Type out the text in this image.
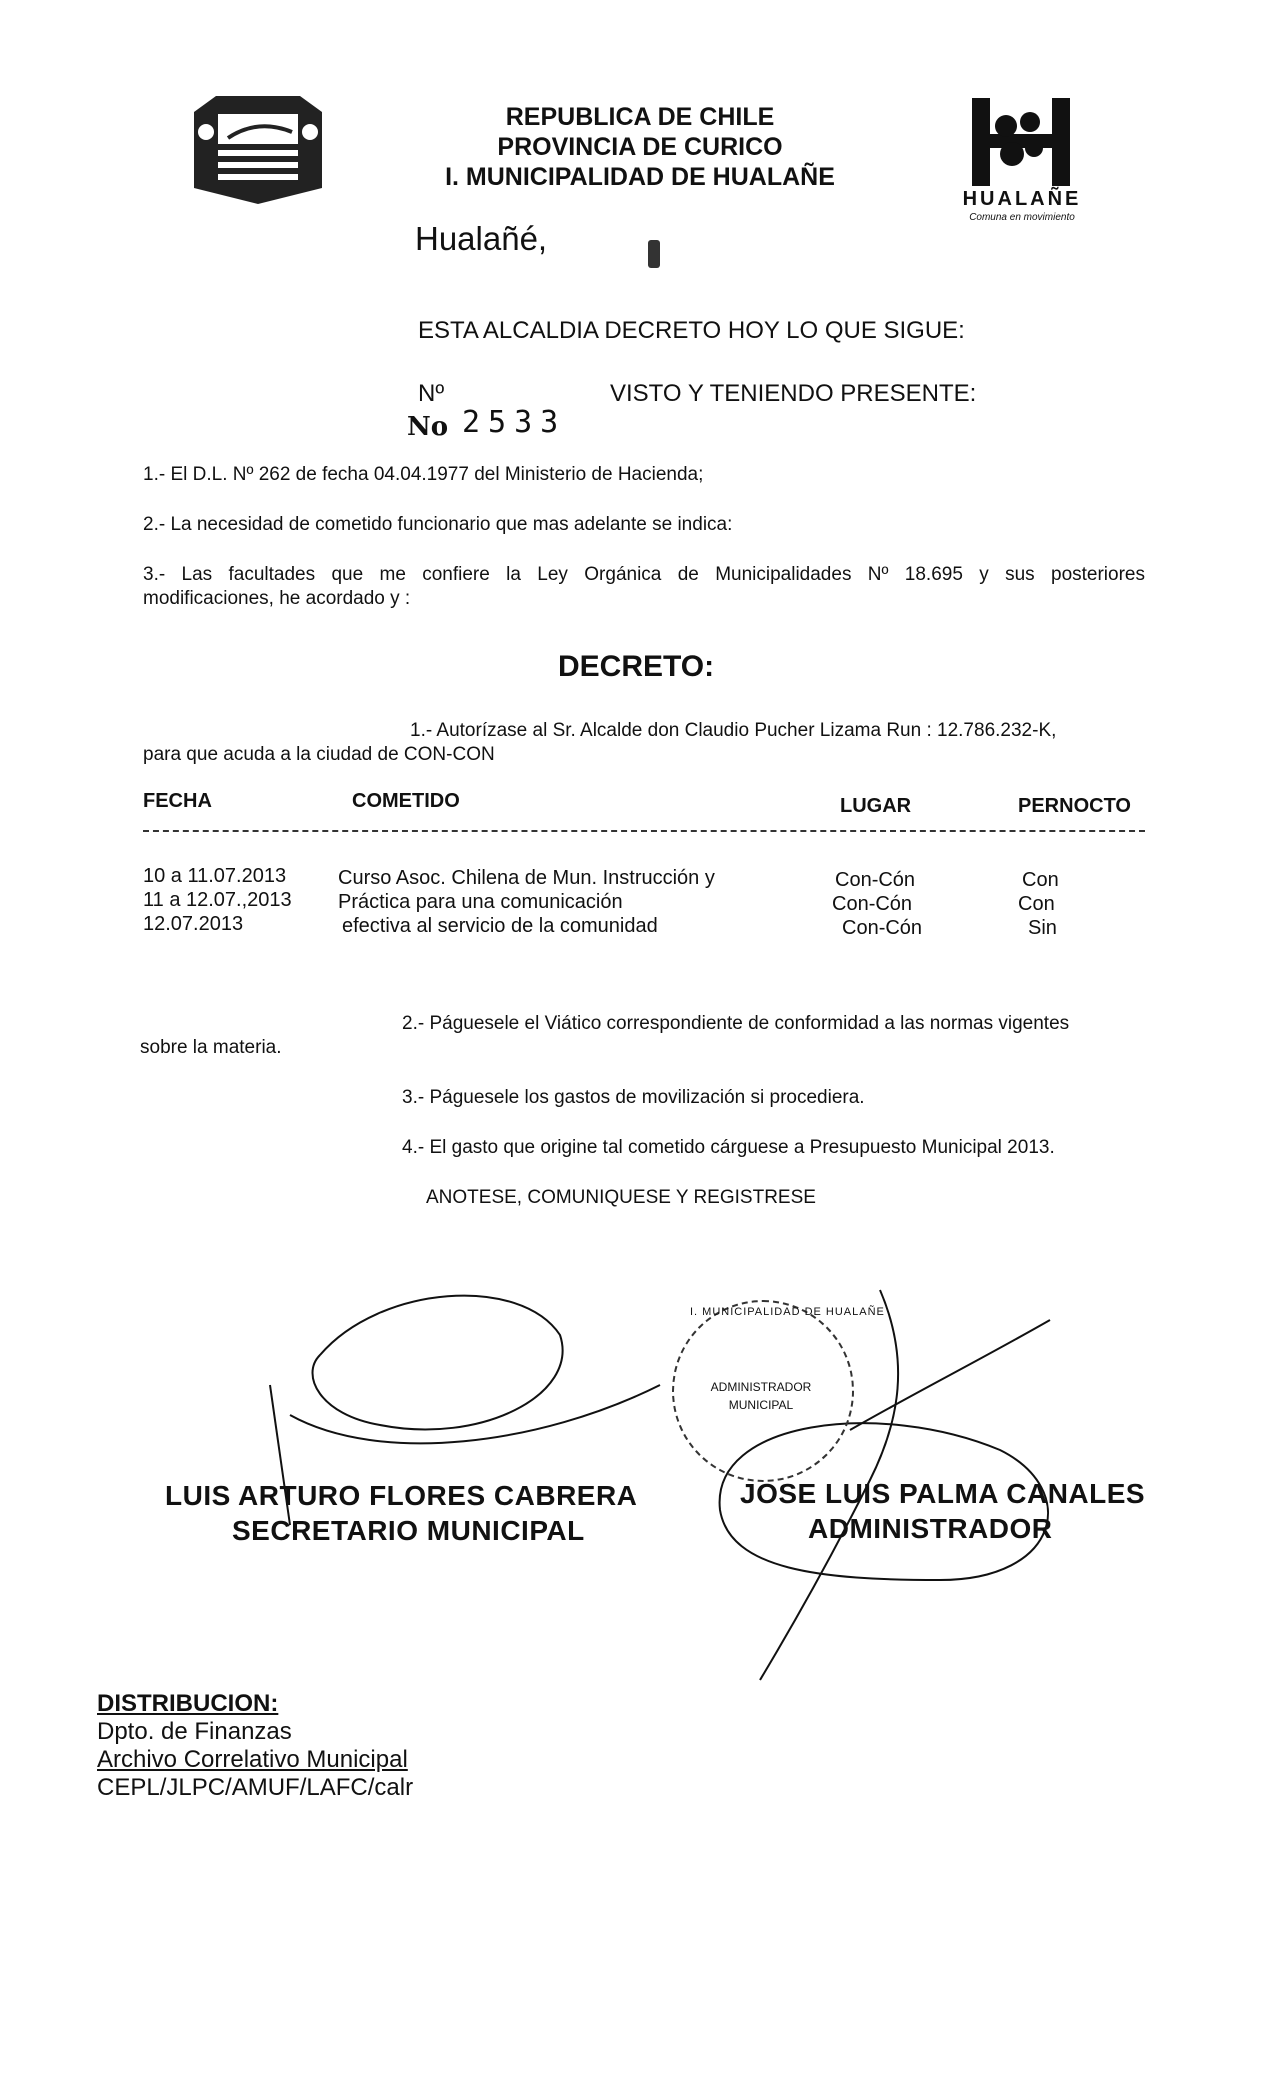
REPUBLICA DE CHILE
PROVINCIA DE CURICO
I. MUNICIPALIDAD DE HUALAÑE
HUALAÑE
Comuna en movimiento
Hualañé,
ESTA ALCALDIA DECRETO HOY LO QUE SIGUE:
Nº
No 2533
VISTO Y TENIENDO PRESENTE:
1.- El D.L. Nº 262 de fecha 04.04.1977 del Ministerio de Hacienda;
2.- La necesidad de cometido funcionario que mas adelante se indica:
3.- Las facultades que me confiere la Ley Orgánica de Municipalidades Nº 18.695 y sus posteriores
modificaciones, he acordado y :
DECRETO:
1.- Autorízase al Sr. Alcalde don Claudio Pucher Lizama Run : 12.786.232-K,
para que acuda a la ciudad de CON-CON
FECHA	COMETIDO	LUGAR	PERNOCTO
10 a 11.07.2013	Curso Asoc. Chilena de Mun. Instrucción y	Con-Cón	Con
11 a 12.07.,2013 Práctica para una comunicación	Con-Cón	Con
12.07.2013	efectiva al servicio de la comunidad	Con-Cón	Sin
2.- Páguesele el Viático correspondiente de conformidad a las normas vigentes
sobre la materia.
3.- Páguesele los gastos de movilización si procediera.
4.- El gasto que origine tal cometido cárguese a Presupuesto Municipal 2013.
ANOTESE, COMUNIQUESE Y REGISTRESE
I. MUNICIPALIDAD DE HUALAÑE
ADMINISTRADOR
MUNICIPAL
LUIS ARTURO FLORES CABRERA
SECRETARIO MUNICIPAL
JOSE LUIS PALMA CANALES
ADMINISTRADOR
DISTRIBUCION:
Dpto. de Finanzas
Archivo Correlativo Municipal
CEPL/JLPC/AMUF/LAFC/calr
